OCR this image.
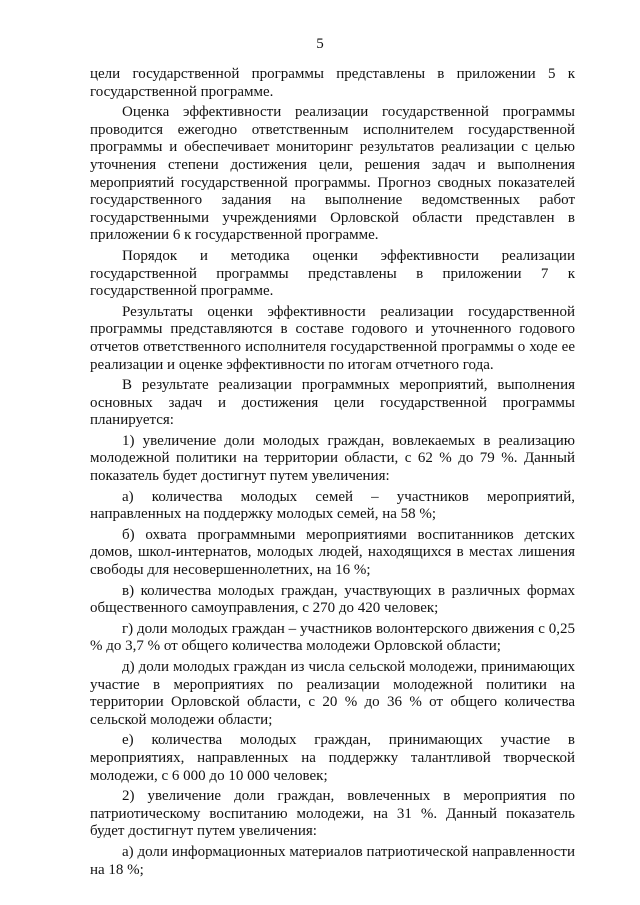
5

цели государственной программы представлены в приложении 5 к государственной программе.

Оценка эффективности реализации государственной программы проводится ежегодно ответственным исполнителем государственной программы и обеспечивает мониторинг результатов реализации с целью уточнения степени достижения цели, решения задач и выполнения мероприятий государственной программы. Прогноз сводных показателей государственного задания на выполнение ведомственных работ государственными учреждениями Орловской области представлен в приложении 6 к государственной программе.

Порядок и методика оценки эффективности реализации государственной программы представлены в приложении 7 к государственной программе.

Результаты оценки эффективности реализации государственной программы представляются в составе годового и уточненного годового отчетов ответственного исполнителя государственной программы о ходе ее реализации и оценке эффективности по итогам отчетного года.

В результате реализации программных мероприятий, выполнения основных задач и достижения цели государственной программы планируется:

1) увеличение доли молодых граждан, вовлекаемых в реализацию молодежной политики на территории области, с 62 % до 79 %. Данный показатель будет достигнут путем увеличения:

а) количества молодых семей – участников мероприятий, направленных на поддержку молодых семей, на 58 %;

б) охвата программными мероприятиями воспитанников детских домов, школ-интернатов, молодых людей, находящихся в местах лишения свободы для несовершеннолетних, на 16 %;

в) количества молодых граждан, участвующих в различных формах общественного самоуправления, с 270 до 420 человек;

г) доли молодых граждан – участников волонтерского движения с 0,25 % до 3,7 % от общего количества молодежи Орловской области;

д) доли молодых граждан из числа сельской молодежи, принимающих участие в мероприятиях по реализации молодежной политики на территории Орловской области, с 20 % до 36 % от общего количества сельской молодежи области;

е) количества молодых граждан, принимающих участие в мероприятиях, направленных на поддержку талантливой творческой молодежи, с 6 000 до 10 000 человек;

2) увеличение доли граждан, вовлеченных в мероприятия по патриотическому воспитанию молодежи, на 31 %. Данный показатель будет достигнут путем увеличения:

а) доли информационных материалов патриотической направленности на 18 %;
